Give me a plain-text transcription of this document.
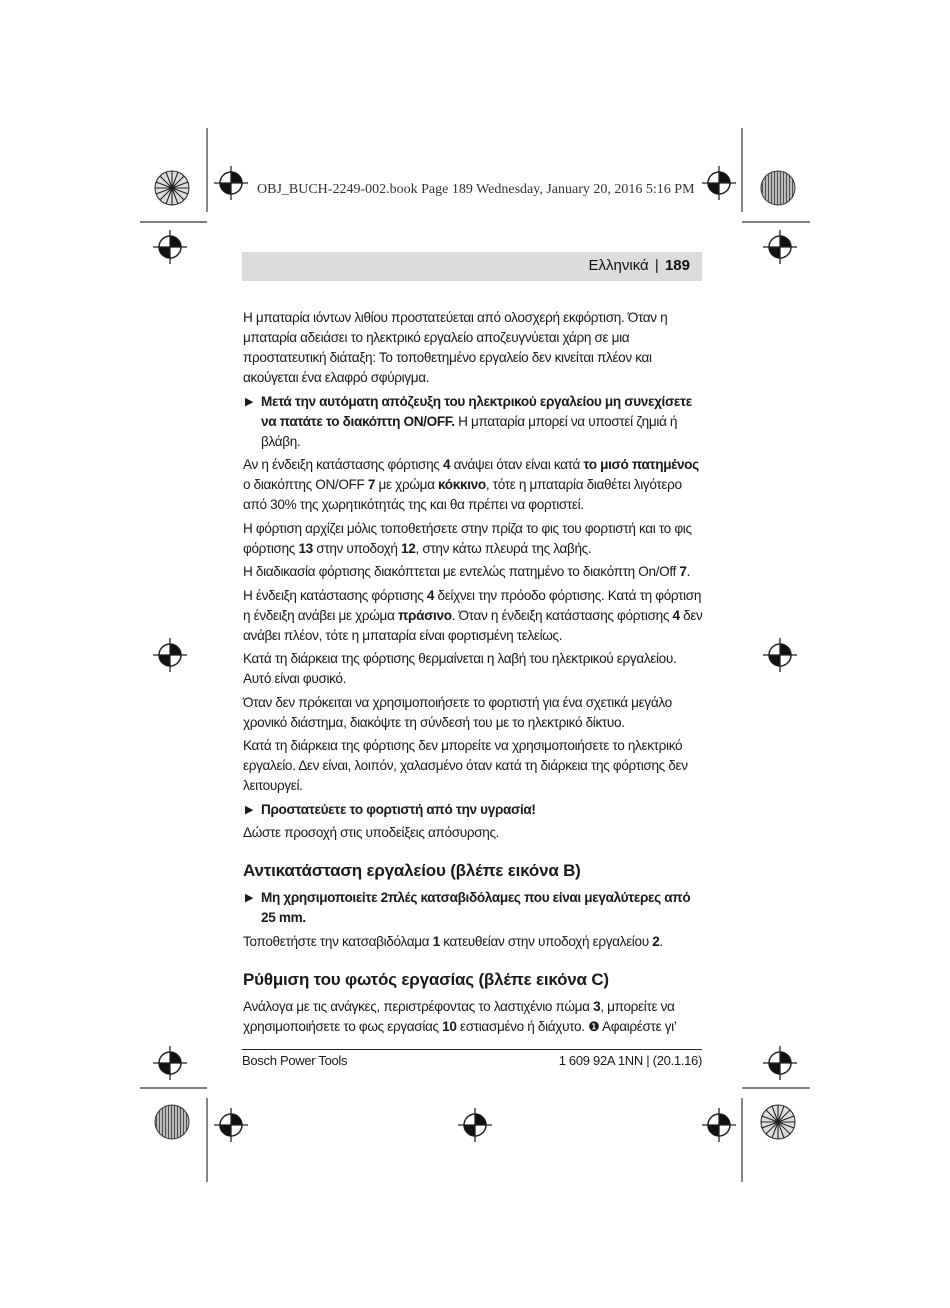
OBJ_BUCH-2249-002.book Page 189 Wednesday, January 20, 2016 5:16 PM
Ελληνικά | 189

Η μπαταρία ιόντων λιθίου προστατεύεται από ολοσχερή εκφόρτιση. Όταν η μπαταρία αδειάσει το ηλεκτρικό εργαλείο αποζευγνύεται χάρη σε μια προστατευτική διάταξη: Το τοποθετημένο εργαλείο δεν κινείται πλέον και ακούγεται ένα ελαφρό σφύριγμα.

▶ Μετά την αυτόματη απόζευξη του ηλεκτρικού εργαλείου μη συνεχίσετε να πατάτε το διακόπτη ON/OFF. Η μπαταρία μπορεί να υποστεί ζημιά ή βλάβη.

Αν η ένδειξη κατάστασης φόρτισης 4 ανάψει όταν είναι κατά το μισό πατημένος ο διακόπτης ON/OFF 7 με χρώμα κόκκινο, τότε η μπαταρία διαθέτει λιγότερο από 30% της χωρητικότητάς της και θα πρέπει να φορτιστεί.

Η φόρτιση αρχίζει μόλις τοποθετήσετε στην πρίζα το φις του φορτιστή και το φις φόρτισης 13 στην υποδοχή 12, στην κάτω πλευρά της λαβής.

Η διαδικασία φόρτισης διακόπτεται με εντελώς πατημένο το διακόπτη On/Off 7.

Η ένδειξη κατάστασης φόρτισης 4 δείχνει την πρόοδο φόρτισης. Κατά τη φόρτιση η ένδειξη ανάβει με χρώμα πράσινο. Όταν η ένδειξη κατάστασης φόρτισης 4 δεν ανάβει πλέον, τότε η μπαταρία είναι φορτισμένη τελείως.

Κατά τη διάρκεια της φόρτισης θερμαίνεται η λαβή του ηλεκτρικού εργαλείου. Αυτό είναι φυσικό.

Όταν δεν πρόκειται να χρησιμοποιήσετε το φορτιστή για ένα σχετικά μεγάλο χρονικό διάστημα, διακόψτε τη σύνδεσή του με το ηλεκτρικό δίκτυο.

Κατά τη διάρκεια της φόρτισης δεν μπορείτε να χρησιμοποιήσετε το ηλεκτρικό εργαλείο. Δεν είναι, λοιπόν, χαλασμένο όταν κατά τη διάρκεια της φόρτισης δεν λειτουργεί.

▶ Προστατεύετε το φορτιστή από την υγρασία!

Δώστε προσοχή στις υποδείξεις απόσυρσης.

Αντικατάσταση εργαλείου (βλέπε εικόνα B)
▶ Μη χρησιμοποιείτε 2πλές κατσαβιδόλαμες που είναι μεγαλύτερες από 25 mm.

Τοποθετήστε την κατσαβιδόλαμα 1 κατευθείαν στην υποδοχή εργαλείου 2.

Ρύθμιση του φωτός εργασίας (βλέπε εικόνα C)

Ανάλογα με τις ανάγκες, περιστρέφοντας το λαστιχένιο πώμα 3, μπορείτε να χρησιμοποιήσετε το φως εργασίας 10 εστιασμένο ή διάχυτο. ❶ Αφαιρέστε γι’

Bosch Power Tools	1 609 92A 1NN | (20.1.16)
